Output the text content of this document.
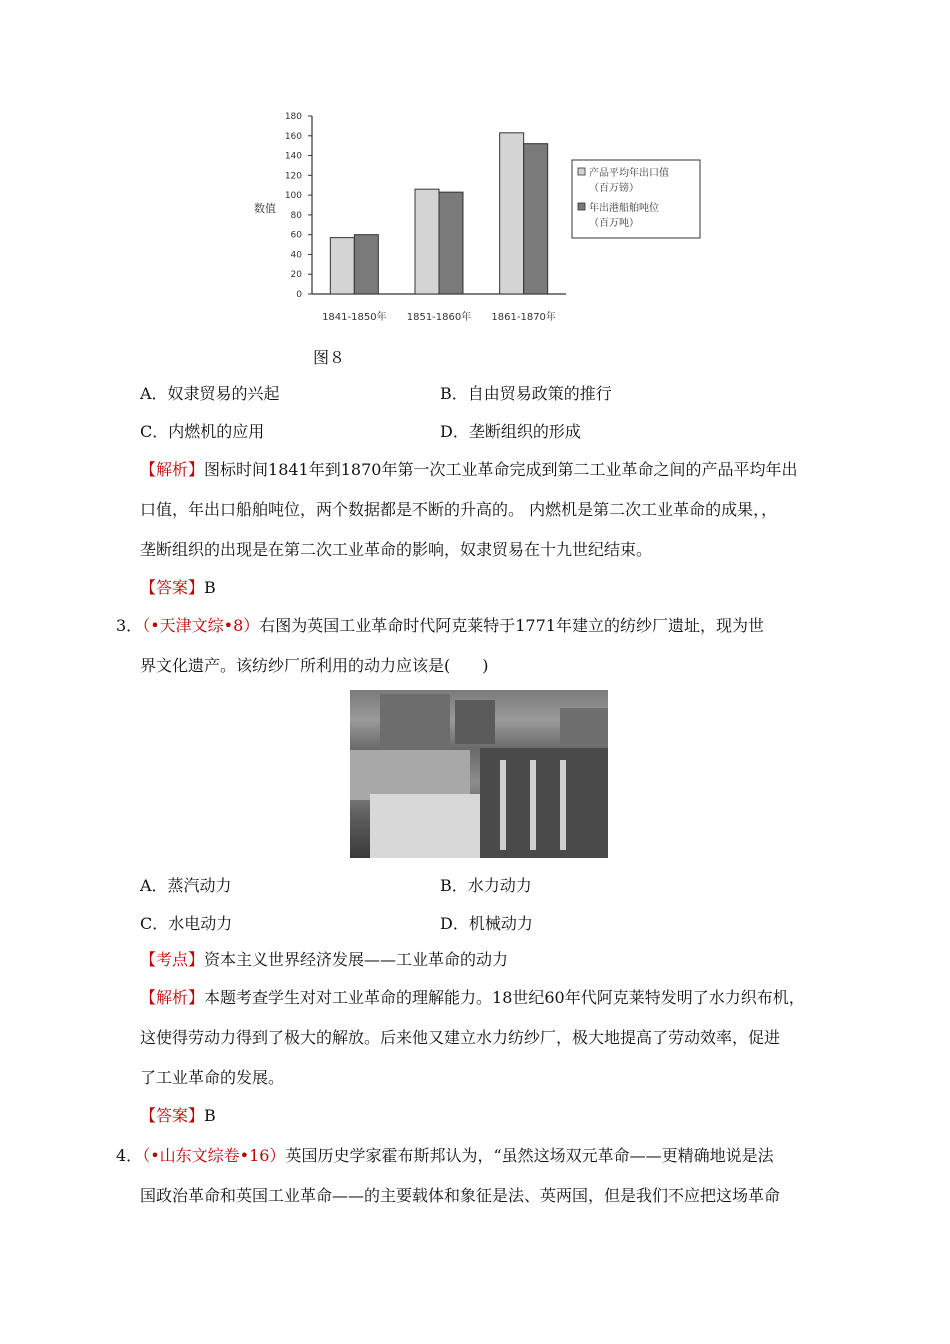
0
20
40
60
80
100
120
140
160
180
数值
1841-1850年 1851-1860年 1861-1870年
产品平均年出口值
（百万镑）
年出港船舶吨位
（百万吨）
图８
A．奴隶贸易的兴起	B．自由贸易政策的推行
C．内燃机的应用	D．垄断组织的形成
【解析】图标时间1841年到1870年第一次工业革命完成到第二工业革命之间的产品平均年出
口值，年出口船舶吨位，两个数据都是不断的升高的。 内燃机是第二次工业革命的成果，，
垄断组织的出现是在第二次工业革命的影响，奴隶贸易在十九世纪结束。
【答案】B
3．（•天津文综•8）右图为英国工业革命时代阿克莱特于1771年建立的纺纱厂遗址，现为世
界文化遗产。该纺纱厂所利用的动力应该是(　　)
A．蒸汽动力	B．水力动力
C．水电动力	D．机械动力
【考点】资本主义世界经济发展——工业革命的动力
【解析】本题考查学生对对工业革命的理解能力。18世纪60年代阿克莱特发明了水力织布机，
这使得劳动力得到了极大的解放。后来他又建立水力纺纱厂，极大地提高了劳动效率，促进
了工业革命的发展。
【答案】B
4．（•山东文综卷•16）英国历史学家霍布斯邦认为，“虽然这场双元革命——更精确地说是法
国政治革命和英国工业革命——的主要载体和象征是法、英两国，但是我们不应把这场革命
